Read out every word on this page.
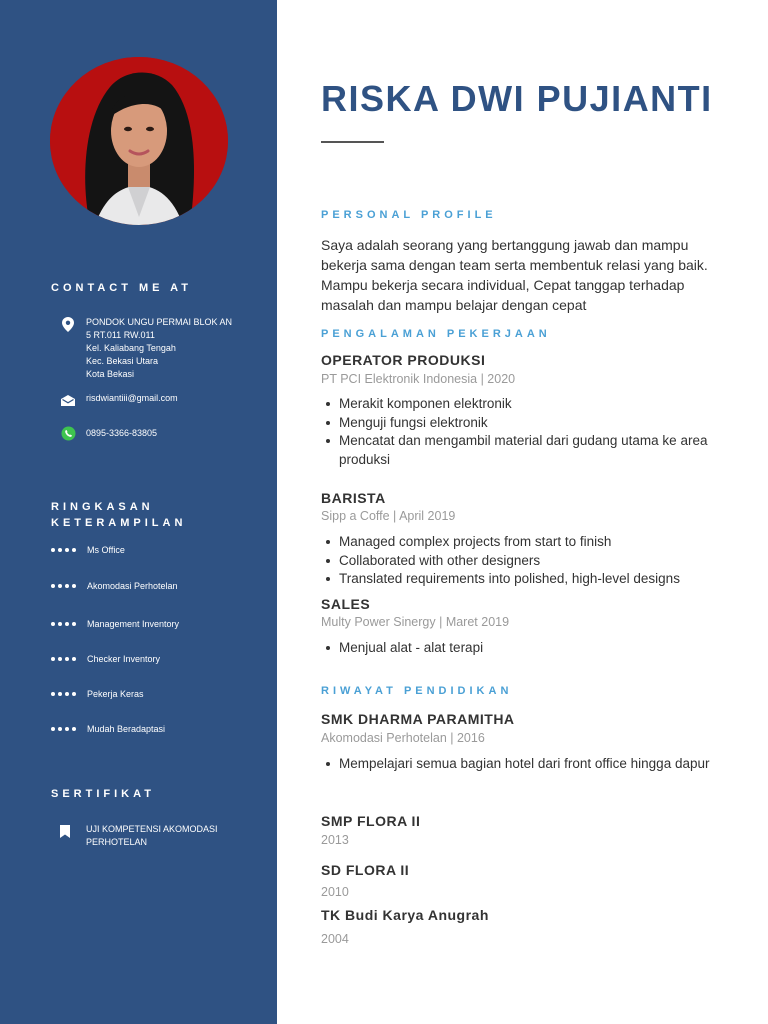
CONTACT ME AT
PONDOK UNGU PERMAI BLOK AN 5 RT.011 RW.011
Kel. Kaliabang Tengah
Kec. Bekasi Utara
Kota Bekasi
risdwiantiii@gmail.com
0895-3366-83805
RINGKASAN
KETERAMPILAN
Ms Office
Akomodasi Perhotelan
Management Inventory
Checker Inventory
Pekerja Keras
Mudah Beradaptasi
SERTIFIKAT
UJI KOMPETENSI AKOMODASI PERHOTELAN
RISKA DWI PUJIANTI
PERSONAL PROFILE
Saya adalah seorang yang bertanggung jawab dan mampu bekerja sama dengan team serta membentuk relasi yang baik. Mampu bekerja secara individual, Cepat tanggap terhadap masalah dan mampu belajar dengan cepat
PENGALAMAN PEKERJAAN
OPERATOR PRODUKSI
PT PCI Elektronik Indonesia | 2020
Merakit komponen elektronik
Menguji fungsi elektronik
Mencatat dan mengambil material dari gudang utama ke area produksi
BARISTA
Sipp a Coffe | April 2019
Managed complex projects from start to finish
Collaborated with other designers
Translated requirements into polished, high-level designs
SALES
Multy Power Sinergy | Maret 2019
Menjual alat - alat terapi
RIWAYAT PENDIDIKAN
SMK DHARMA PARAMITHA
Akomodasi Perhotelan | 2016
Mempelajari semua bagian hotel dari front office hingga dapur
SMP FLORA II
2013
SD FLORA II
2010
TK Budi Karya Anugrah
2004
